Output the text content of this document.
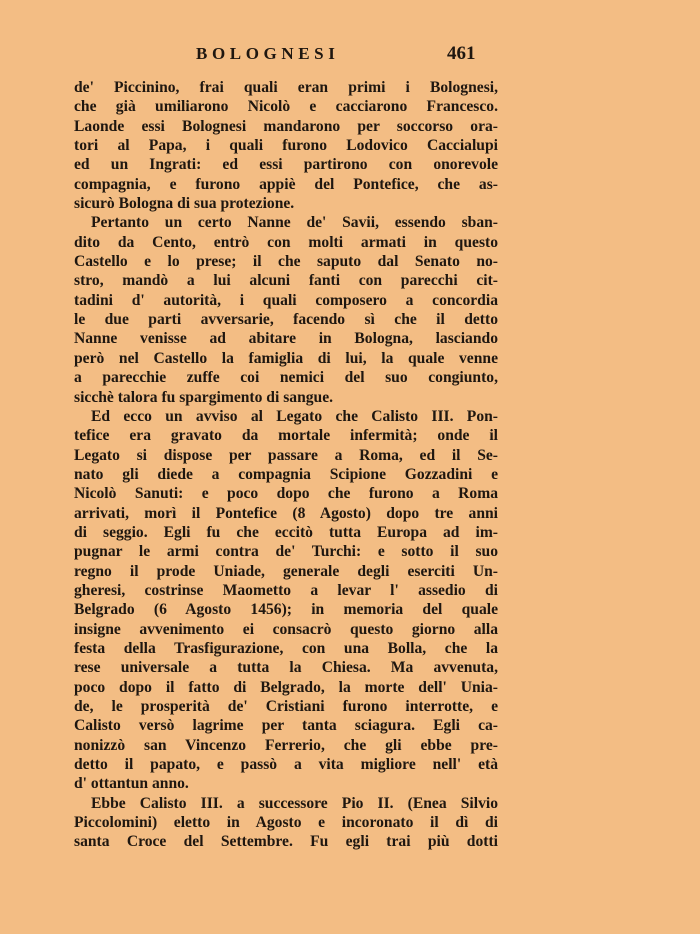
BOLOGNESI	461
de' Piccinino, frai quali eran primi i Bolognesi,
che già umiliarono Nicolò e cacciarono Francesco.
Laonde essi Bolognesi mandarono per soccorso ora-
tori al Papa, i quali furono Lodovico Caccialupi
ed un Ingrati: ed essi partirono con onorevole
compagnia, e furono appiè del Pontefice, che as-
sicurò Bologna di sua protezione.
Pertanto un certo Nanne de' Savii, essendo sban-
dito da Cento, entrò con molti armati in questo
Castello e lo prese; il che saputo dal Senato no-
stro, mandò a lui alcuni fanti con parecchi cit-
tadini d' autorità, i quali composero a concordia
le due parti avversarie, facendo sì che il detto
Nanne venisse ad abitare in Bologna, lasciando
però nel Castello la famiglia di lui, la quale venne
a parecchie zuffe coi nemici del suo congiunto,
sicchè talora fu spargimento di sangue.
Ed ecco un avviso al Legato che Calisto III. Pon-
tefice era gravato da mortale infermità; onde il
Legato si dispose per passare a Roma, ed il Se-
nato gli diede a compagnia Scipione Gozzadini e
Nicolò Sanuti: e poco dopo che furono a Roma
arrivati, morì il Pontefice (8 Agosto) dopo tre anni
di seggio. Egli fu che eccitò tutta Europa ad im-
pugnar le armi contra de' Turchi: e sotto il suo
regno il prode Uniade, generale degli eserciti Un-
gheresi, costrinse Maometto a levar l' assedio di
Belgrado (6 Agosto 1456); in memoria del quale
insigne avvenimento ei consacrò questo giorno alla
festa della Trasfigurazione, con una Bolla, che la
rese universale a tutta la Chiesa. Ma avvenuta,
poco dopo il fatto di Belgrado, la morte dell' Unia-
de, le prosperità de' Cristiani furono interrotte, e
Calisto versò lagrime per tanta sciagura. Egli ca-
nonizzò san Vincenzo Ferrerio, che gli ebbe pre-
detto il papato, e passò a vita migliore nell' età
d' ottantun anno.
Ebbe Calisto III. a successore Pio II. (Enea Silvio
Piccolomini) eletto in Agosto e incoronato il dì di
santa Croce del Settembre. Fu egli trai più dotti
